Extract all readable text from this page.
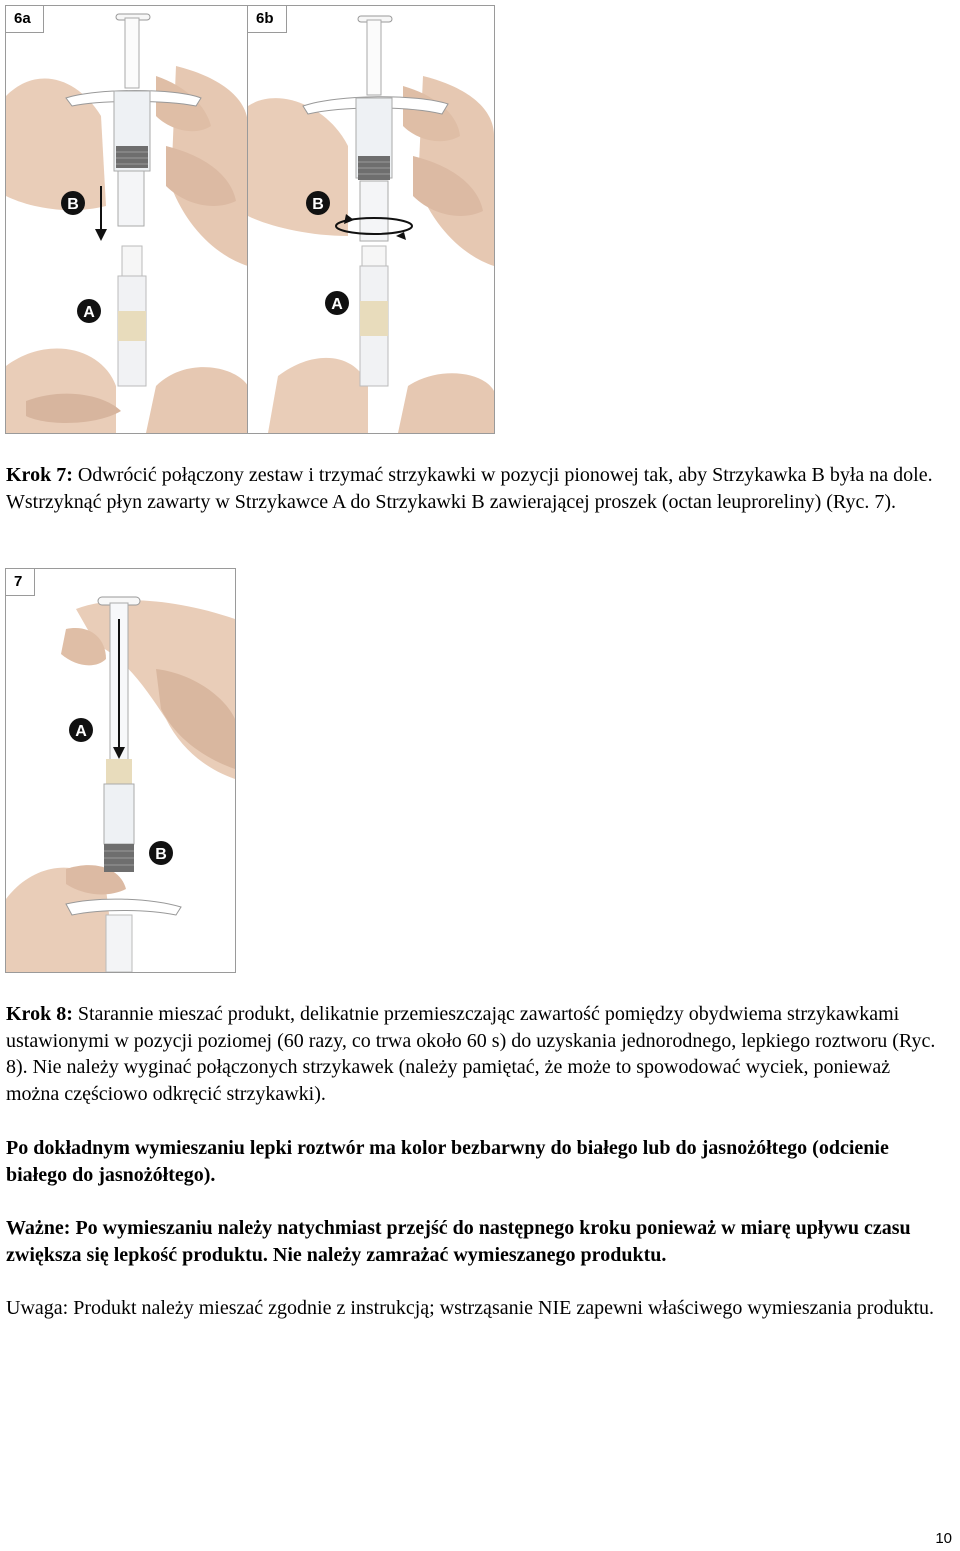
B
A
6a
B
A
6b

Krok 7: Odwrócić połączony zestaw i trzymać strzykawki w pozycji pionowej tak, aby Strzykawka B była na dole. Wstrzyknąć płyn zawarty w Strzykawce A do Strzykawki B zawierającej proszek (octan leuproreliny) (Ryc. 7).

A
B
7

Krok 8: Starannie mieszać produkt, delikatnie przemieszczając zawartość pomiędzy obydwiema strzykawkami ustawionymi w pozycji poziomej (60 razy, co trwa około 60 s) do uzyskania jednorodnego, lepkiego roztworu (Ryc. 8). Nie należy wyginać połączonych strzykawek (należy pamiętać, że może to spowodować wyciek, ponieważ można częściowo odkręcić strzykawki).

Po dokładnym wymieszaniu lepki roztwór ma kolor bezbarwny do białego lub do jasnożółtego (odcienie białego do jasnożółtego).

Ważne: Po wymieszaniu należy natychmiast przejść do następnego kroku ponieważ w miarę upływu czasu zwiększa się lepkość produktu. Nie należy zamrażać wymieszanego produktu.

Uwaga: Produkt należy mieszać zgodnie z instrukcją; wstrząsanie NIE zapewni właściwego wymieszania produktu.

10
